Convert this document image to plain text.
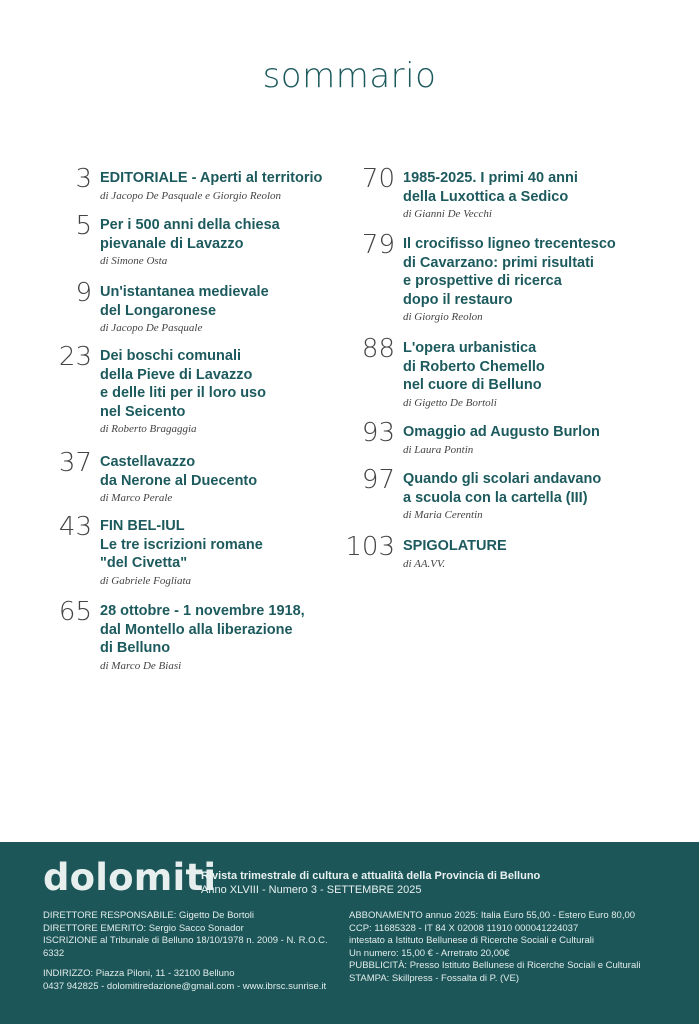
sommario
3 EDITORIALE - Aperti al territorio
di Jacopo De Pasquale e Giorgio Reolon
5 Per i 500 anni della chiesa
pievanale di Lavazzo
di Simone Osta
9 Un'istantanea medievale
del Longaronese
di Jacopo De Pasquale
23 Dei boschi comunali
della Pieve di Lavazzo
e delle liti per il loro uso
nel Seicento
di Roberto Bragaggia
37 Castellavazzo
da Nerone al Duecento
di Marco Perale
43 FIN BEL-IUL
Le tre iscrizioni romane
"del Civetta"
di Gabriele Fogliata
65 28 ottobre - 1 novembre 1918,
dal Montello alla liberazione
di Belluno
di Marco De Biasi
70 1985-2025. I primi 40 anni
della Luxottica a Sedico
di Gianni De Vecchi
79 Il crocifisso ligneo trecentesco
di Cavarzano: primi risultati
e prospettive di ricerca
dopo il restauro
di Giorgio Reolon
88 L'opera urbanistica
di Roberto Chemello
nel cuore di Belluno
di Gigetto De Bortoli
93 Omaggio ad Augusto Burlon
di Laura Pontin
97 Quando gli scolari andavano
a scuola con la cartella (III)
di Maria Cerentin
103 SPIGOLATURE
di AA.VV.
dolomiti
Rivista trimestrale di cultura e attualità della Provincia di Belluno
Anno XLVIII - Numero 3 - SETTEMBRE 2025
DIRETTORE RESPONSABILE: Gigetto De Bortoli
DIRETTORE EMERITO: Sergio Sacco Sonador
ISCRIZIONE al Tribunale di Belluno 18/10/1978 n. 2009 - N. R.O.C. 6332
INDIRIZZO: Piazza Piloni, 11 - 32100 Belluno
0437 942825 - dolomitiredazione@gmail.com - www.ibrsc.sunrise.it
ABBONAMENTO annuo 2025: Italia Euro 55,00 - Estero Euro 80,00
CCP: 11685328 - IT 84 X 02008 11910 000041224037
intestato a Istituto Bellunese di Ricerche Sociali e Culturali
Un numero: 15,00 € - Arretrato 20,00€
PUBBLICITÀ: Presso Istituto Bellunese di Ricerche Sociali e Culturali
STAMPA: Skillpress - Fossalta di P. (VE)
